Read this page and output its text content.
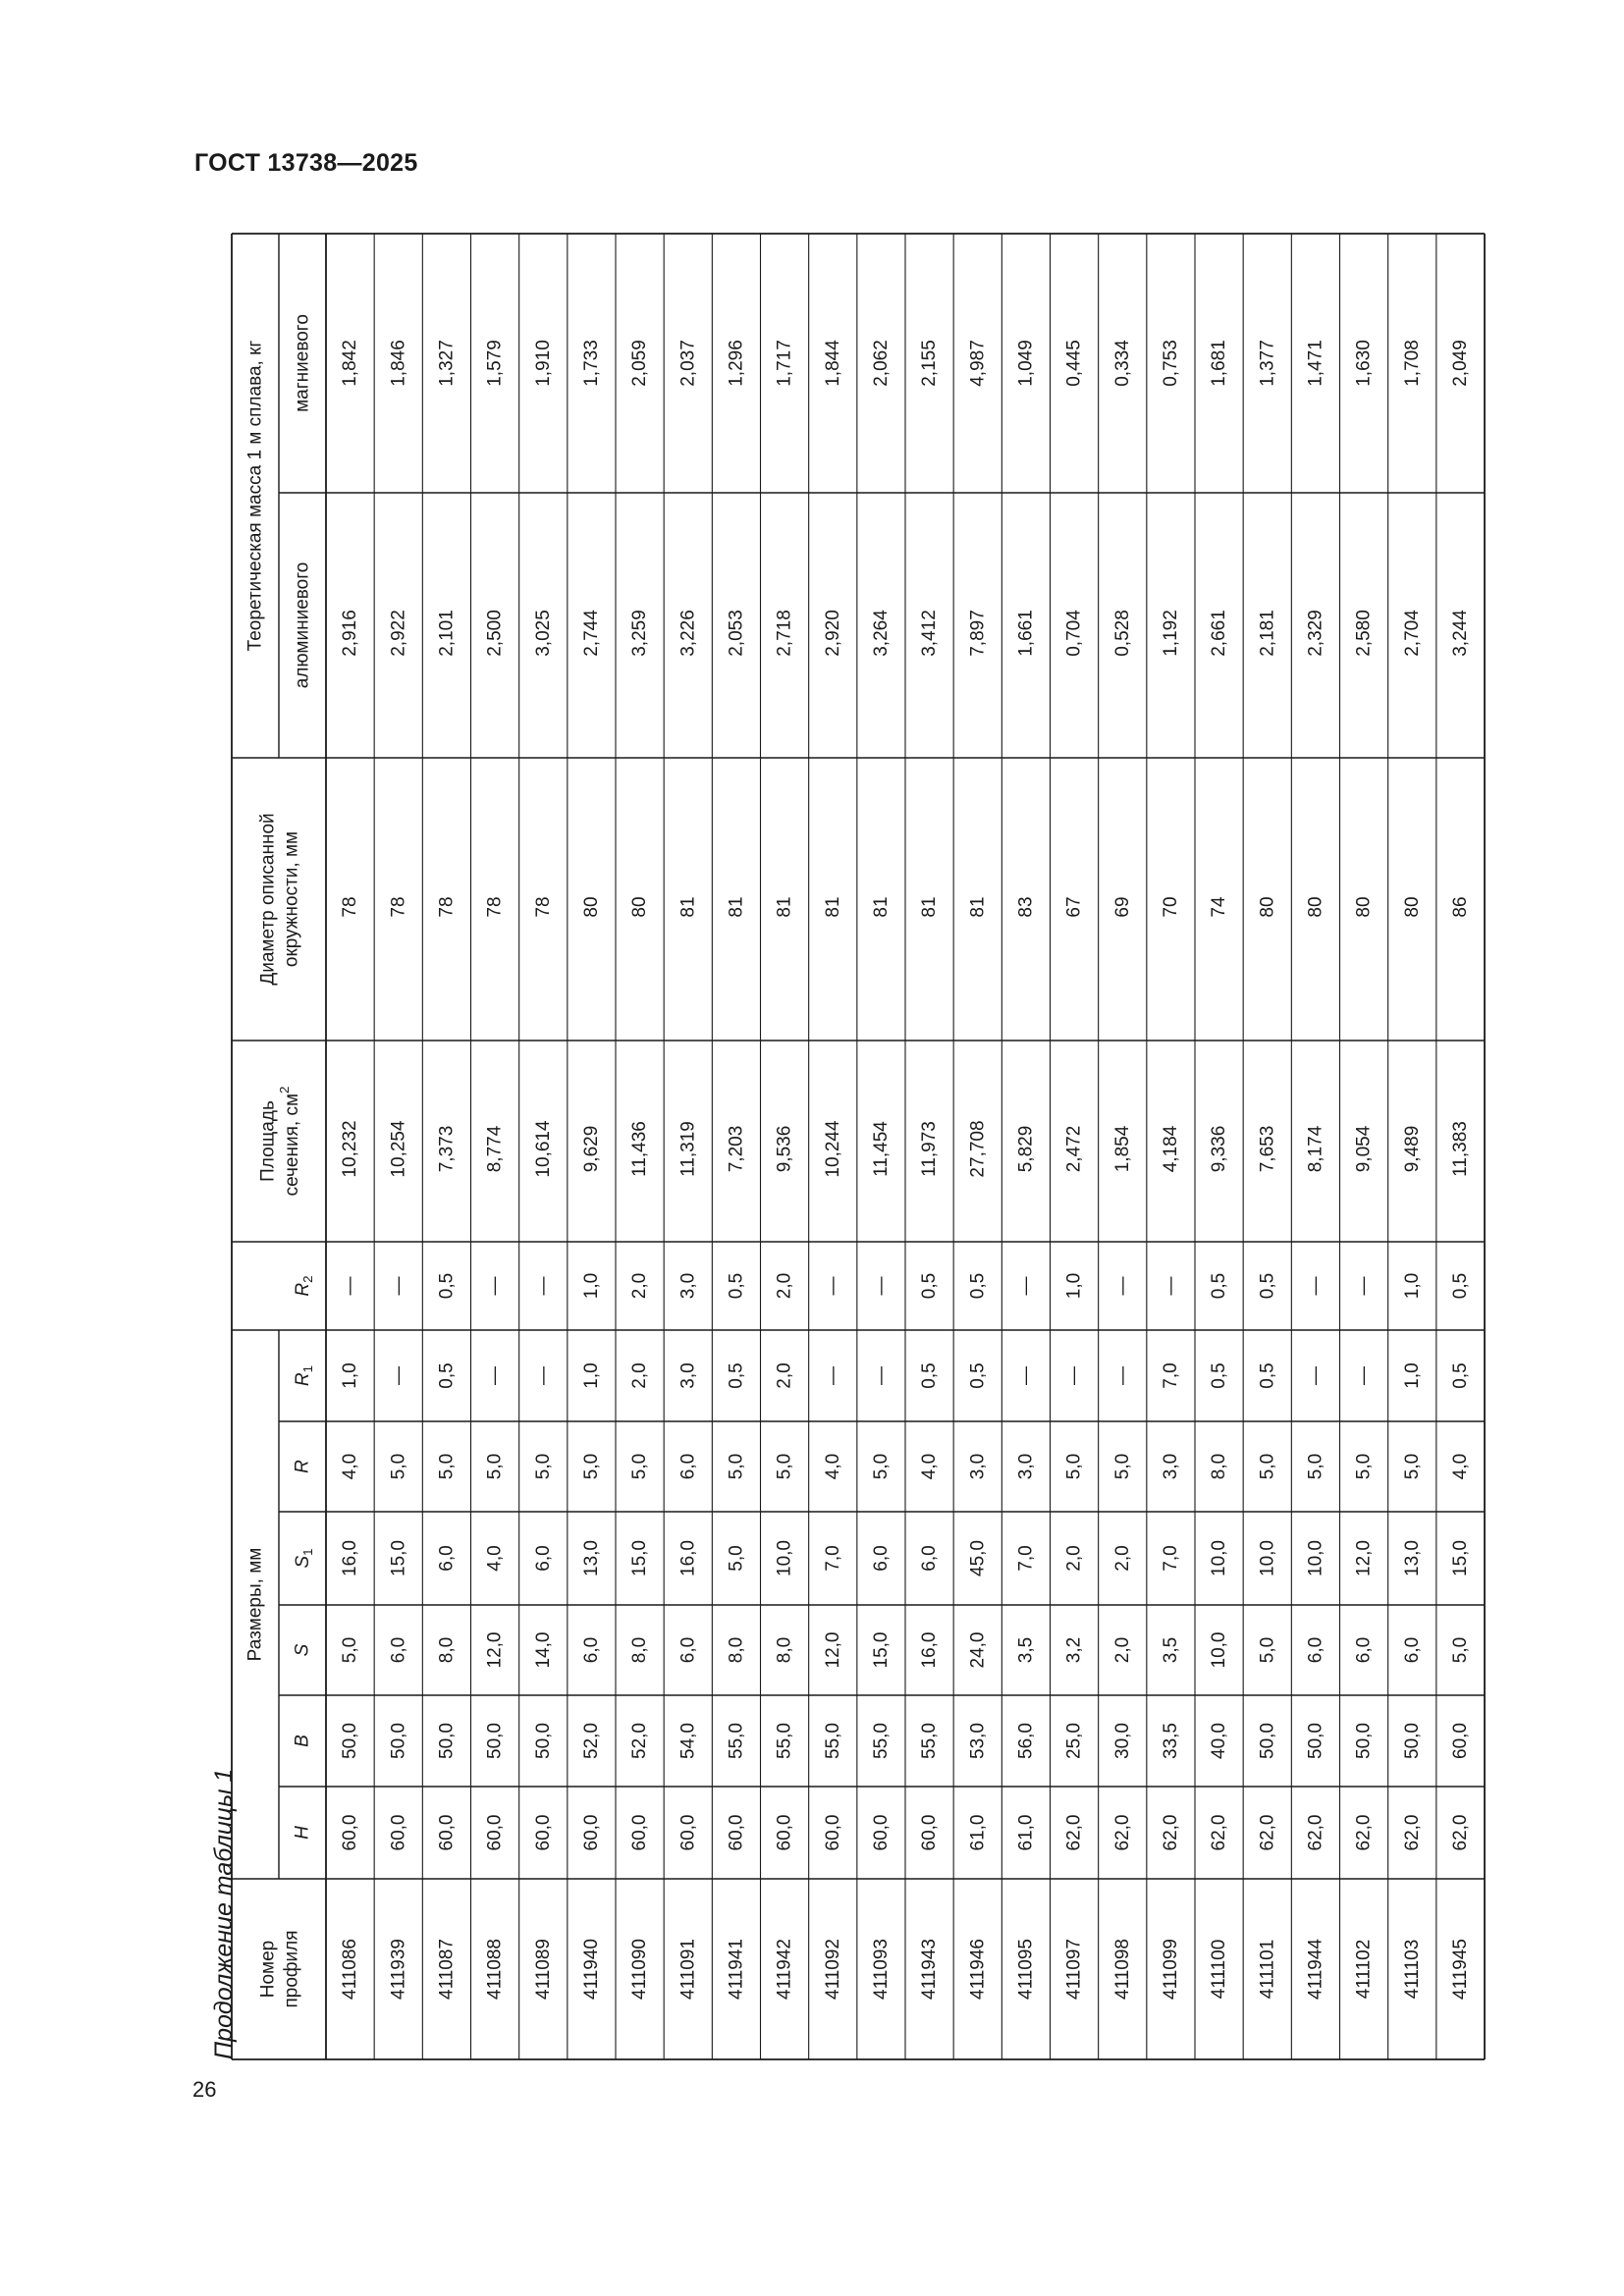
ГОСТ 13738—2025
Номер профиля
Размеры, мм
H
B
S
$S_1$
R
$R_1$
$R_2$
Площадь сечения, $см^2$
Диаметр описанной окружности, мм
Теоретическая масса 1 м сплава, кг алюминиевого
магниевого
411086
60,0
50,0
5,0
16,0
4,0
1,0
—
10,232
78
2,916
1,842
411939
60,0
50,0
6,0
15,0
5,0
—
—
10,254
78
2,922
1,846
411087
60,0
50,0
8,0
6,0
5,0
0,5
0,5
7,373
78
2,101
1,327
411088
60,0
50,0
12,0
4,0
5,0
—
—
8,774
78
2,500
1,579
411089
60,0
50,0
14,0
6,0
5,0
—
—
10,614
78
3,025
1,910
411940
60,0
52,0
6,0
13,0
5,0
1,0
1,0
9,629
80
2,744
1,733
411090
60,0
52,0
8,0
15,0
5,0
2,0
2,0
11,436
80
3,259
2,059
411091
60,0
54,0
6,0
16,0
6,0
3,0
3,0
11,319
81
3,226
2,037
411941
60,0
55,0
8,0
5,0
5,0
0,5
0,5
7,203
81
2,053
1,296
411942
60,0
55,0
8,0
10,0
5,0
2,0
2,0
9,536
81
2,718
1,717
411092
60,0
55,0
12,0
7,0
4,0
—
—
10,244
81
2,920
1,844
411093
60,0
55,0
15,0
6,0
5,0
—
—
11,454
81
3,264
2,062
411943
60,0
55,0
16,0
6,0
4,0
0,5
0,5
11,973
81
3,412
2,155
411946
61,0
53,0
24,0
45,0
3,0
0,5
0,5
27,708
81
7,897
4,987
411095
61,0
56,0
3,5
7,0
3,0
—
—
5,829
83
1,661
1,049
411097
62,0
25,0
3,2
2,0
5,0
—
1,0
2,472
67
0,704
0,445
411098
62,0
30,0
2,0
2,0
5,0
—
—
1,854
69
0,528
0,334
411099
62,0
33,5
3,5
7,0
3,0
7,0
—
4,184
70
1,192
0,753
411100
62,0
40,0
10,0
10,0
8,0
0,5
0,5
9,336
74
2,661
1,681
411101
62,0
50,0
5,0
10,0
5,0
0,5
0,5
7,653
80
2,181
1,377
411944
62,0
50,0
6,0
10,0
5,0
—
—
8,174
80
2,329
1,471
411102
62,0
50,0
6,0
12,0
5,0
—
—
9,054
80
2,580
1,630
411103
62,0
50,0
6,0
13,0
5,0
1,0
1,0
9,489
80
2,704
1,708
411945
62,0
60,0
5,0
15,0
4,0
0,5
0,5
11,383
86
3,244
2,049
Продолжение таблицы 1
26
